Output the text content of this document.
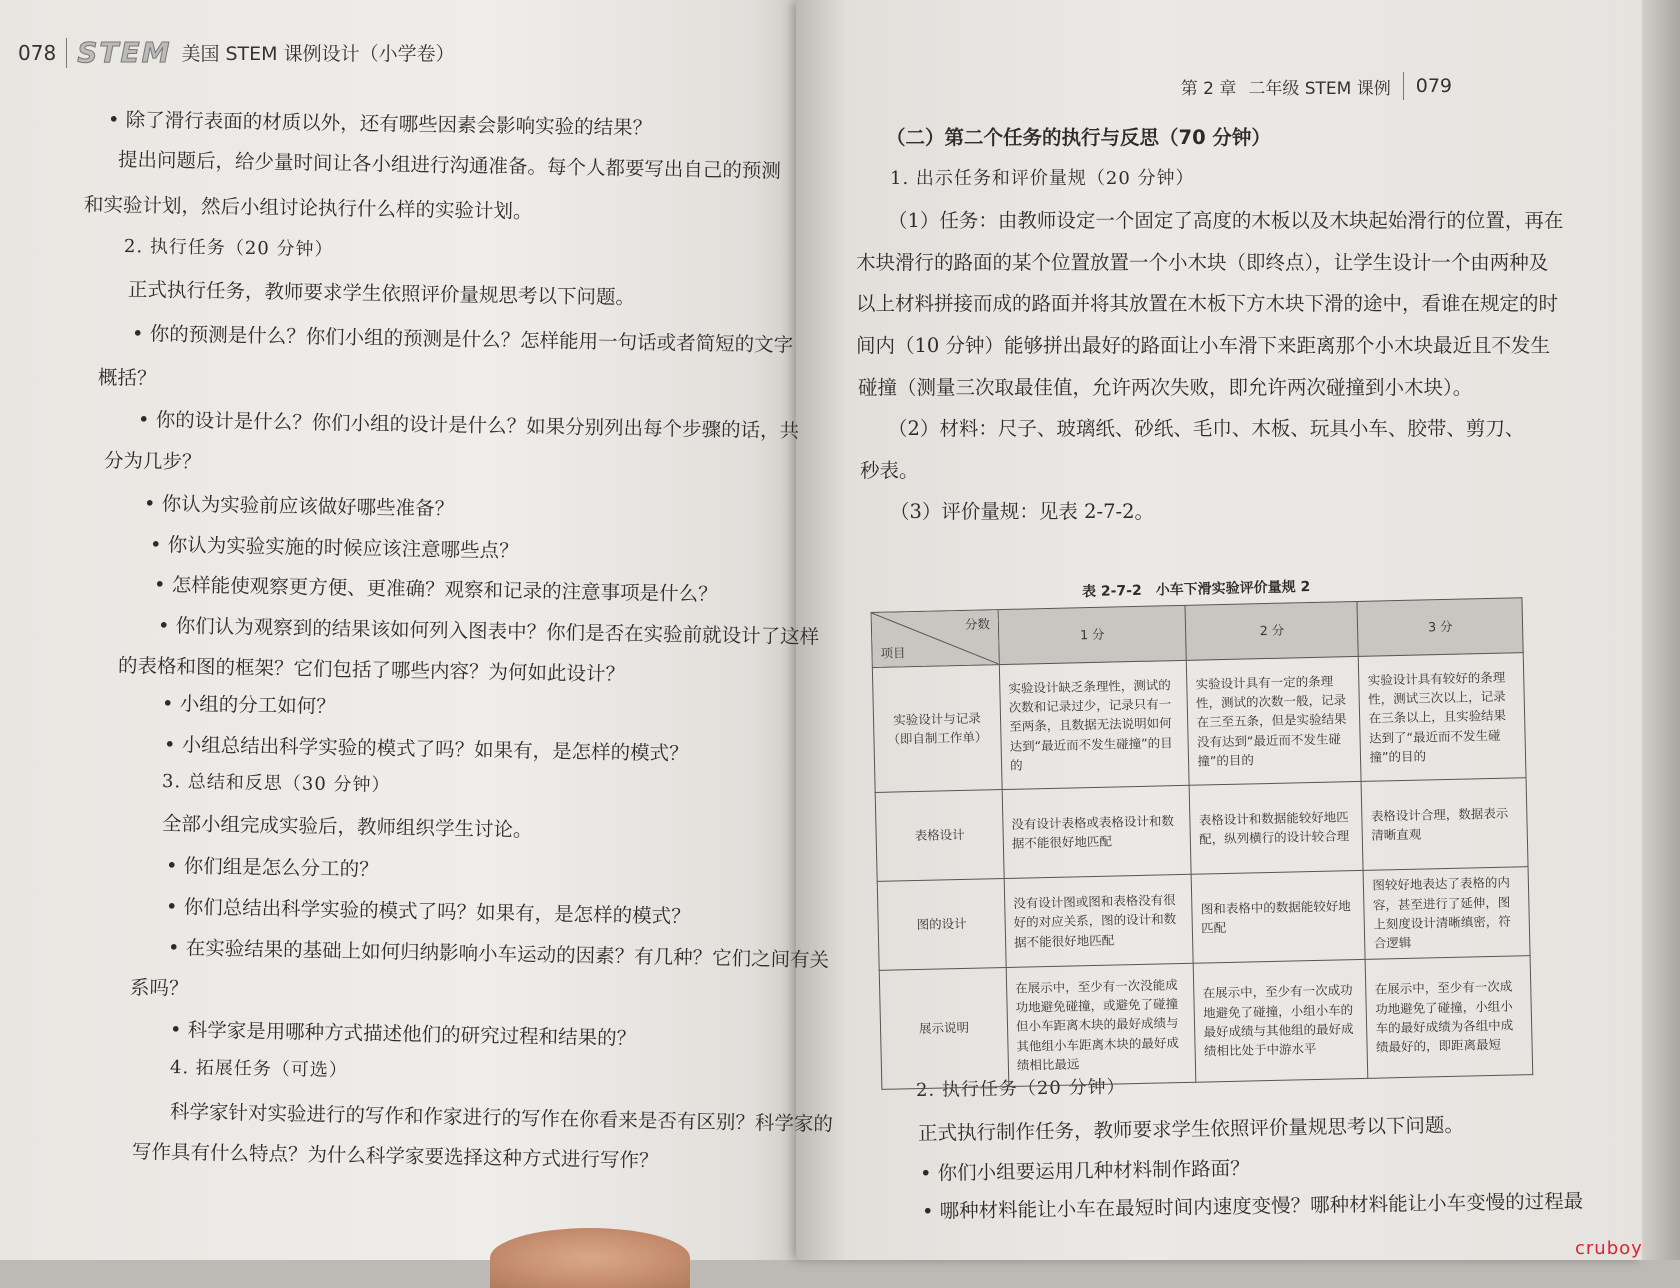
078 STEM 美国 STEM 课例设计（小学卷）
第 2 章 二年级 STEM 课例 079
• 除了滑行表面的材质以外，还有哪些因素会影响实验的结果？
提出问题后，给少量时间让各小组进行沟通准备。每个人都要写出自己的预测
和实验计划，然后小组讨论执行什么样的实验计划。
2. 执行任务（20 分钟）
正式执行任务，教师要求学生依照评价量规思考以下问题。
• 你的预测是什么？你们小组的预测是什么？怎样能用一句话或者简短的文字
概括？
• 你的设计是什么？你们小组的设计是什么？如果分别列出每个步骤的话，共
分为几步？
• 你认为实验前应该做好哪些准备？
• 你认为实验实施的时候应该注意哪些点？
• 怎样能使观察更方便、更准确？观察和记录的注意事项是什么？
• 你们认为观察到的结果该如何列入图表中？你们是否在实验前就设计了这样
的表格和图的框架？它们包括了哪些内容？为何如此设计？
• 小组的分工如何？
• 小组总结出科学实验的模式了吗？如果有，是怎样的模式？
3. 总结和反思（30 分钟）
全部小组完成实验后，教师组织学生讨论。
• 你们组是怎么分工的？
• 你们总结出科学实验的模式了吗？如果有，是怎样的模式？
• 在实验结果的基础上如何归纳影响小车运动的因素？有几种？它们之间有关
系吗？
• 科学家是用哪种方式描述他们的研究过程和结果的？
4. 拓展任务（可选）
科学家针对实验进行的写作和作家进行的写作在你看来是否有区别？科学家的
写作具有什么特点？为什么科学家要选择这种方式进行写作？
（二）第二个任务的执行与反思（70 分钟）
1. 出示任务和评价量规（20 分钟）
（1）任务：由教师设定一个固定了高度的木板以及木块起始滑行的位置，再在
木块滑行的路面的某个位置放置一个小木块（即终点），让学生设计一个由两种及
以上材料拼接而成的路面并将其放置在木板下方木块下滑的途中，看谁在规定的时
间内（10 分钟）能够拼出最好的路面让小车滑下来距离那个小木块最近且不发生
碰撞（测量三次取最佳值，允许两次失败，即允许两次碰撞到小木块）。
（2）材料：尺子、玻璃纸、砂纸、毛巾、木板、玩具小车、胶带、剪刀、
秒表。
（3）评价量规：见表 2-7-2。
2. 执行任务（20 分钟）
正式执行制作任务，教师要求学生依照评价量规思考以下问题。
• 你们小组要运用几种材料制作路面？
• 哪种材料能让小车在最短时间内速度变慢？哪种材料能让小车变慢的过程最
表 2-7-2　小车下滑实验评价量规 2
分数
项目	1 分	2 分	3 分
实验设计与记录（即自制工作单）	实验设计缺乏条理性，测试的次数和记录过少，记录只有一至两条，且数据无法说明如何达到“最近而不发生碰撞”的目的	实验设计具有一定的条理性，测试的次数一般，记录在三至五条，但是实验结果没有达到“最近而不发生碰撞”的目的	实验设计具有较好的条理性，测试三次以上，记录在三条以上，且实验结果达到了“最近而不发生碰撞”的目的
表格设计	没有设计表格或表格设计和数据不能很好地匹配	表格设计和数据能较好地匹配，纵列横行的设计较合理	表格设计合理，数据表示清晰直观
图的设计	没有设计图或图和表格没有很好的对应关系，图的设计和数据不能很好地匹配	图和表格中的数据能较好地匹配	图较好地表达了表格的内容，甚至进行了延伸，图上刻度设计清晰缜密，符合逻辑
展示说明	在展示中，至少有一次没能成功地避免碰撞，或避免了碰撞但小车距离木块的最好成绩与其他组小车距离木块的最好成绩相比最远	在展示中，至少有一次成功地避免了碰撞，小组小车的最好成绩与其他组的最好成绩相比处于中游水平	在展示中，至少有一次成功地避免了碰撞，小组小车的最好成绩为各组中成绩最好的，即距离最短
cruboy
